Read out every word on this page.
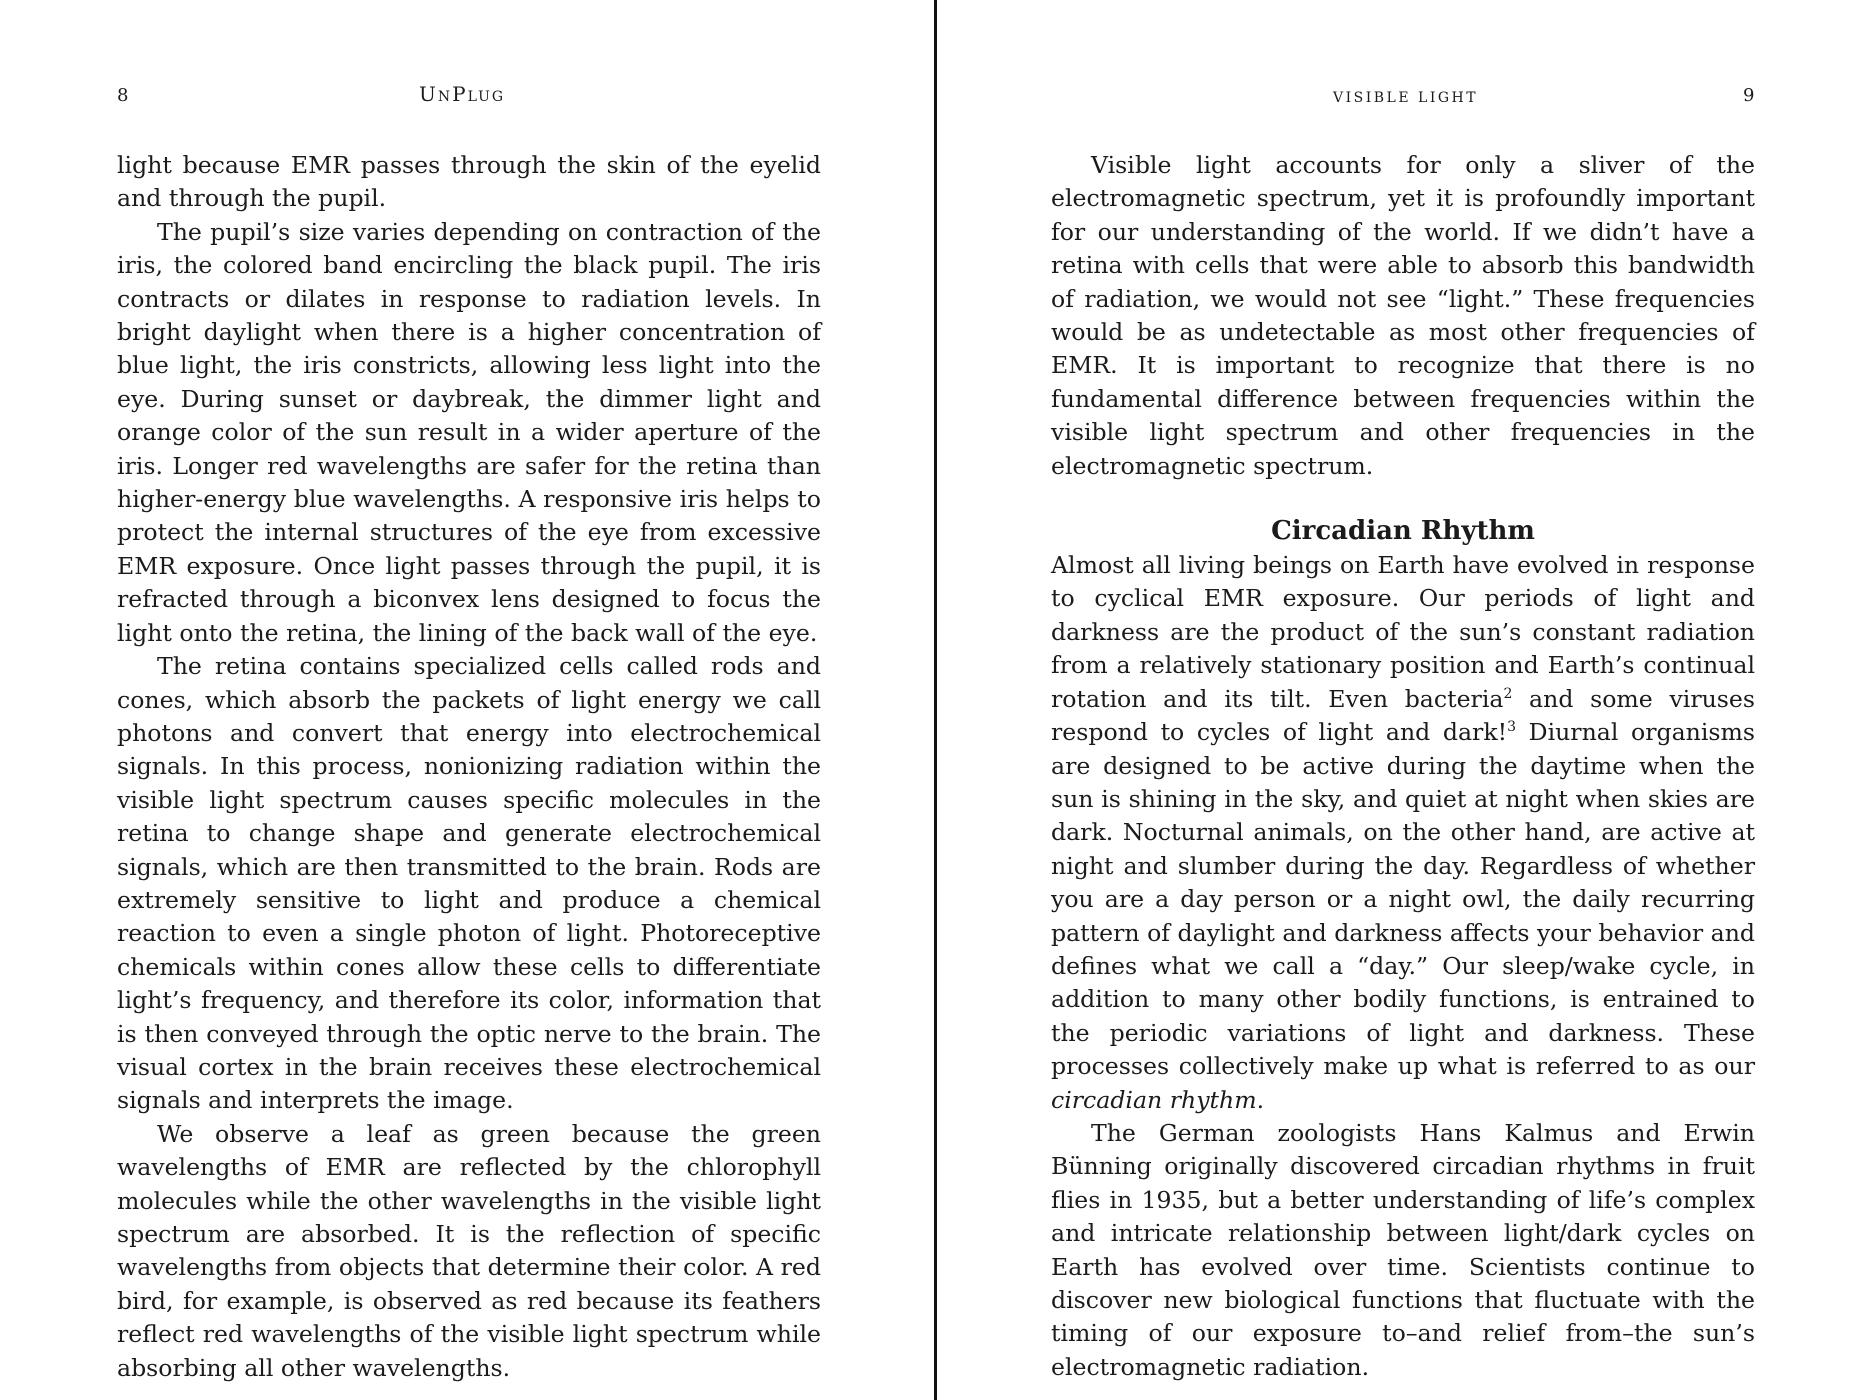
8	UnPlug

light because EMR passes through the skin of the eyelid and through the pupil.

The pupil’s size varies depending on contraction of the iris, the colored band encircling the black pupil. The iris contracts or dilates in response to radiation levels. In bright daylight when there is a higher concentration of blue light, the iris constricts, allowing less light into the eye. During sunset or daybreak, the dimmer light and orange color of the sun result in a wider aperture of the iris. Longer red wavelengths are safer for the retina than higher-energy blue wavelengths. A responsive iris helps to protect the internal structures of the eye from excessive EMR exposure. Once light passes through the pupil, it is refracted through a biconvex lens designed to focus the light onto the retina, the lining of the back wall of the eye.

The retina contains specialized cells called rods and cones, which absorb the packets of light energy we call photons and convert that energy into electrochemical signals. In this process, nonionizing radiation within the visible light spectrum causes specific molecules in the retina to change shape and generate electrochemical signals, which are then transmitted to the brain. Rods are extremely sensitive to light and produce a chemical reaction to even a single photon of light. Photoreceptive chemicals within cones allow these cells to differentiate light’s frequency, and therefore its color, information that is then conveyed through the optic nerve to the brain. The visual cortex in the brain receives these electrochemical signals and interprets the image.

We observe a leaf as green because the green wavelengths of EMR are reflected by the chlorophyll molecules while the other wavelengths in the visible light spectrum are absorbed. It is the reflection of specific wavelengths from objects that determine their color. A red bird, for example, is observed as red because its feathers reflect red wavelengths of the visible light spectrum while absorbing all other wavelengths.

VISIBLE LIGHT	9

Visible light accounts for only a sliver of the electromagnetic spectrum, yet it is profoundly important for our understanding of the world. If we didn’t have a retina with cells that were able to absorb this bandwidth of radiation, we would not see “light.” These frequencies would be as undetectable as most other frequencies of EMR. It is important to recognize that there is no fundamental difference between frequencies within the visible light spectrum and other frequencies in the electromagnetic spectrum.

Circadian Rhythm

Almost all living beings on Earth have evolved in response to cyclical EMR exposure. Our periods of light and darkness are the product of the sun’s constant radiation from a relatively stationary position and Earth’s continual rotation and its tilt. Even bacteria$^2$ and some viruses respond to cycles of light and dark!$^3$ Diurnal organisms are designed to be active during the daytime when the sun is shining in the sky, and quiet at night when skies are dark. Nocturnal animals, on the other hand, are active at night and slumber during the day. Regardless of whether you are a day person or a night owl, the daily recurring pattern of daylight and darkness affects your behavior and defines what we call a “day.” Our sleep/wake cycle, in addition to many other bodily functions, is entrained to the periodic variations of light and darkness. These processes collectively make up what is referred to as our circadian rhythm.

The German zoologists Hans Kalmus and Erwin Bünning originally discovered circadian rhythms in fruit flies in 1935, but a better understanding of life’s complex and intricate relationship between light/dark cycles on Earth has evolved over time. Scientists continue to discover new biological functions that fluctuate with the timing of our exposure to–and relief from–the sun’s electromagnetic radiation.
